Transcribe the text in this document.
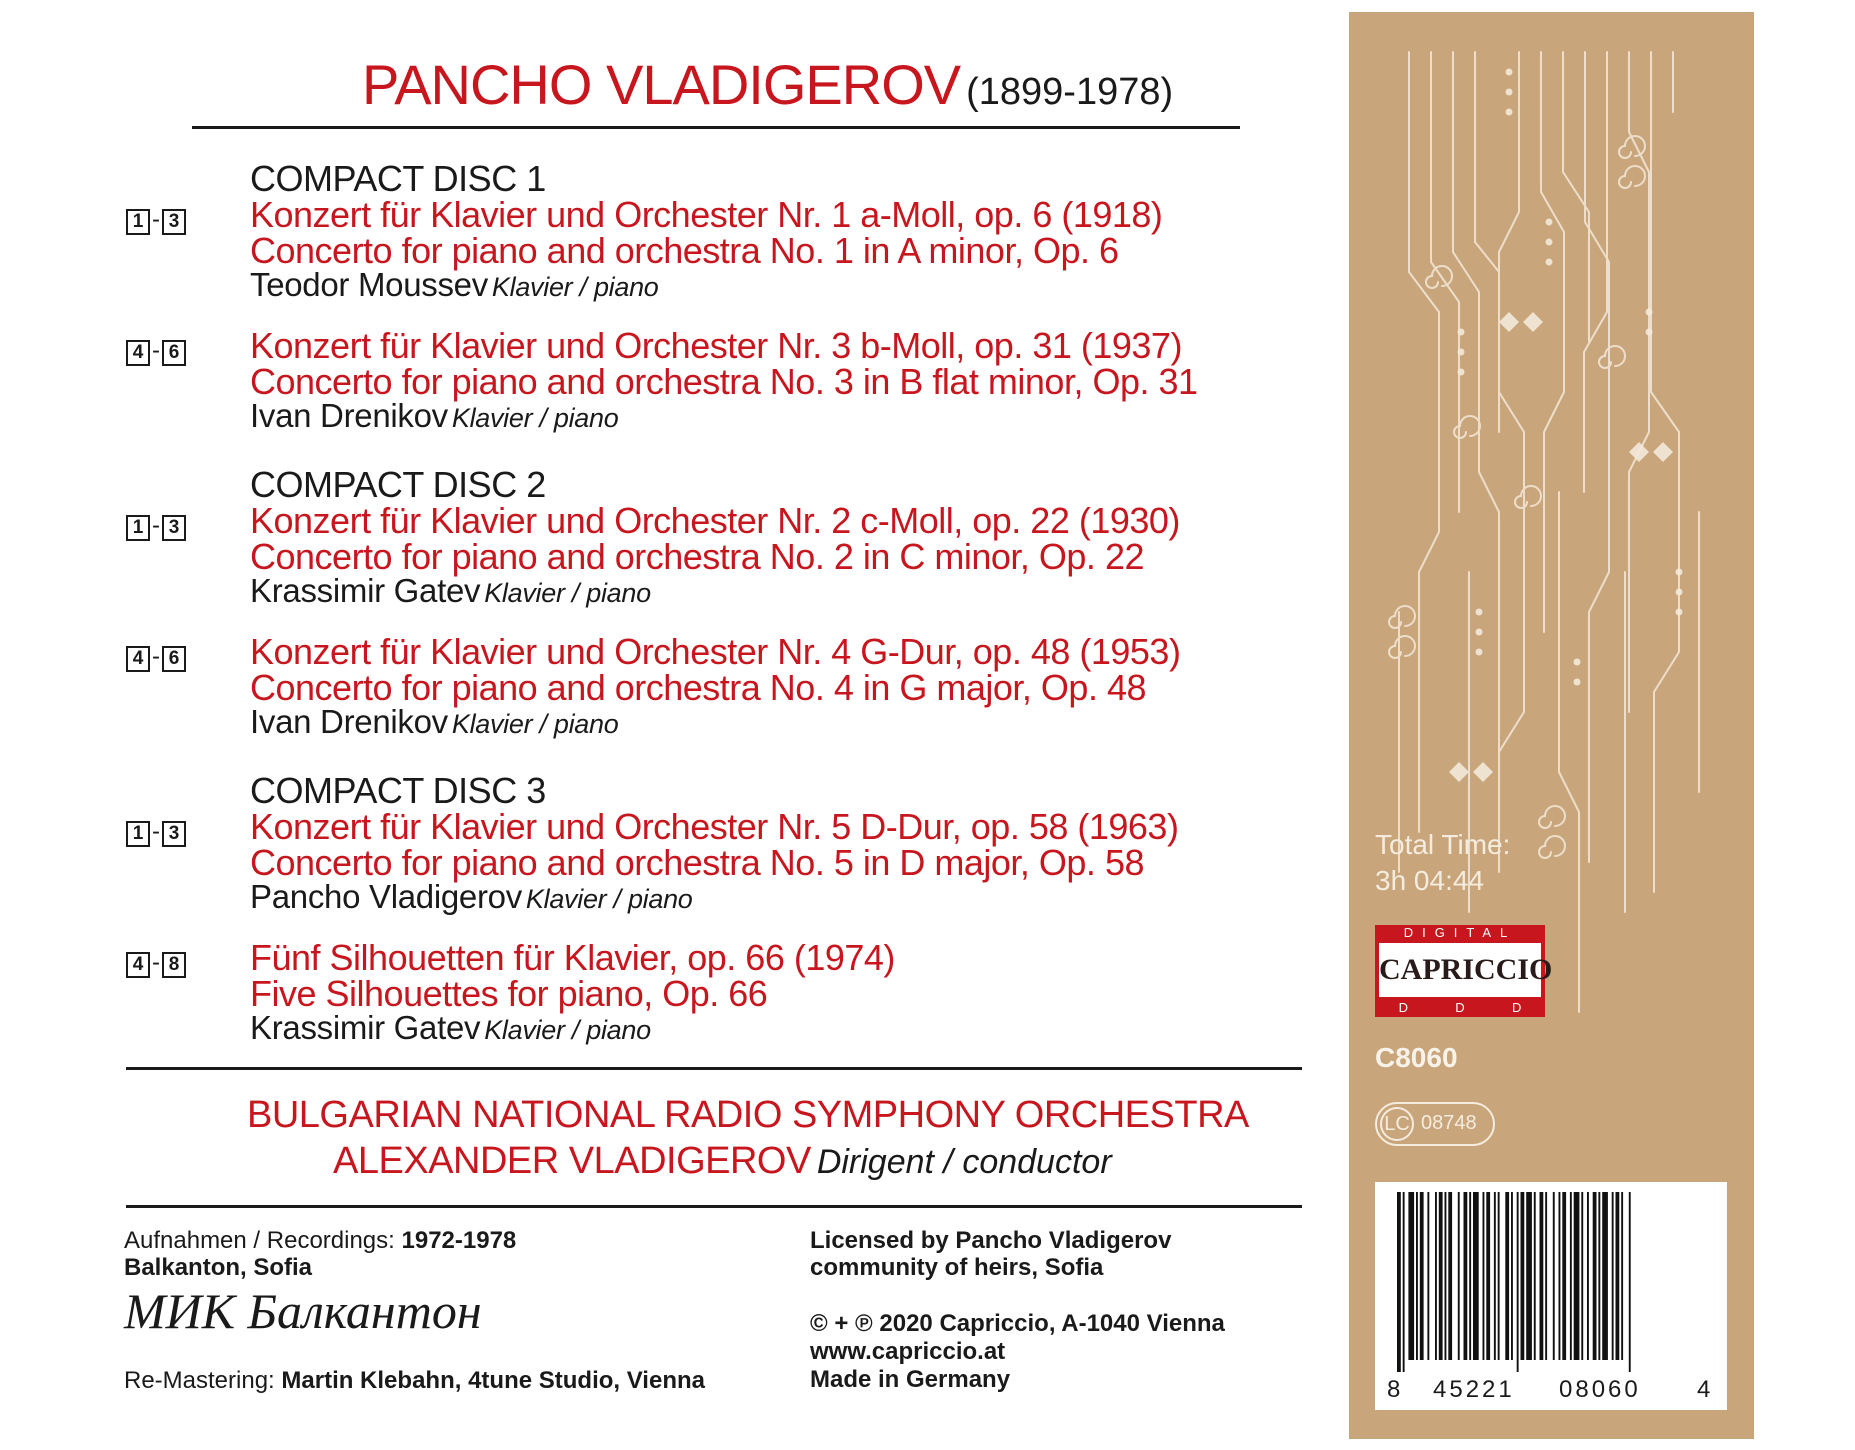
PANCHO VLADIGEROV (1899-1978)
COMPACT DISC 1
1 - 3 Konzert für Klavier und Orchester Nr. 1 a-Moll, op. 6 (1918)
Concerto for piano and orchestra No. 1 in A minor, Op. 6
Teodor Moussev Klavier / piano
4 - 6 Konzert für Klavier und Orchester Nr. 3 b-Moll, op. 31 (1937)
Concerto for piano and orchestra No. 3 in B flat minor, Op. 31
Ivan Drenikov Klavier / piano
COMPACT DISC 2
1 - 3 Konzert für Klavier und Orchester Nr. 2 c-Moll, op. 22 (1930)
Concerto for piano and orchestra No. 2 in C minor, Op. 22
Krassimir Gatev Klavier / piano
4 - 6 Konzert für Klavier und Orchester Nr. 4 G-Dur, op. 48 (1953)
Concerto for piano and orchestra No. 4 in G major, Op. 48
Ivan Drenikov Klavier / piano
COMPACT DISC 3
1 - 3 Konzert für Klavier und Orchester Nr. 5 D-Dur, op. 58 (1963)
Concerto for piano and orchestra No. 5 in D major, Op. 58
Pancho Vladigerov Klavier / piano
4 - 8 Fünf Silhouetten für Klavier, op. 66 (1974)
Five Silhouettes for piano, Op. 66
Krassimir Gatev Klavier / piano
BULGARIAN NATIONAL RADIO SYMPHONY ORCHESTRA
ALEXANDER VLADIGEROV Dirigent / conductor
Aufnahmen / Recordings: 1972-1978
Balkanton, Sofia
МИК Балкантон
Re-Mastering: Martin Klebahn, 4tune Studio, Vienna
Licensed by Pancho Vladigerov
community of heirs, Sofia
© + ℗ 2020 Capriccio, A-1040 Vienna
www.capriccio.at
Made in Germany
Total Time:
3h 04:44
DIGITAL
CAPRICCIO
D	D	D
C8060
LC 08748
8 45221 08060 4
